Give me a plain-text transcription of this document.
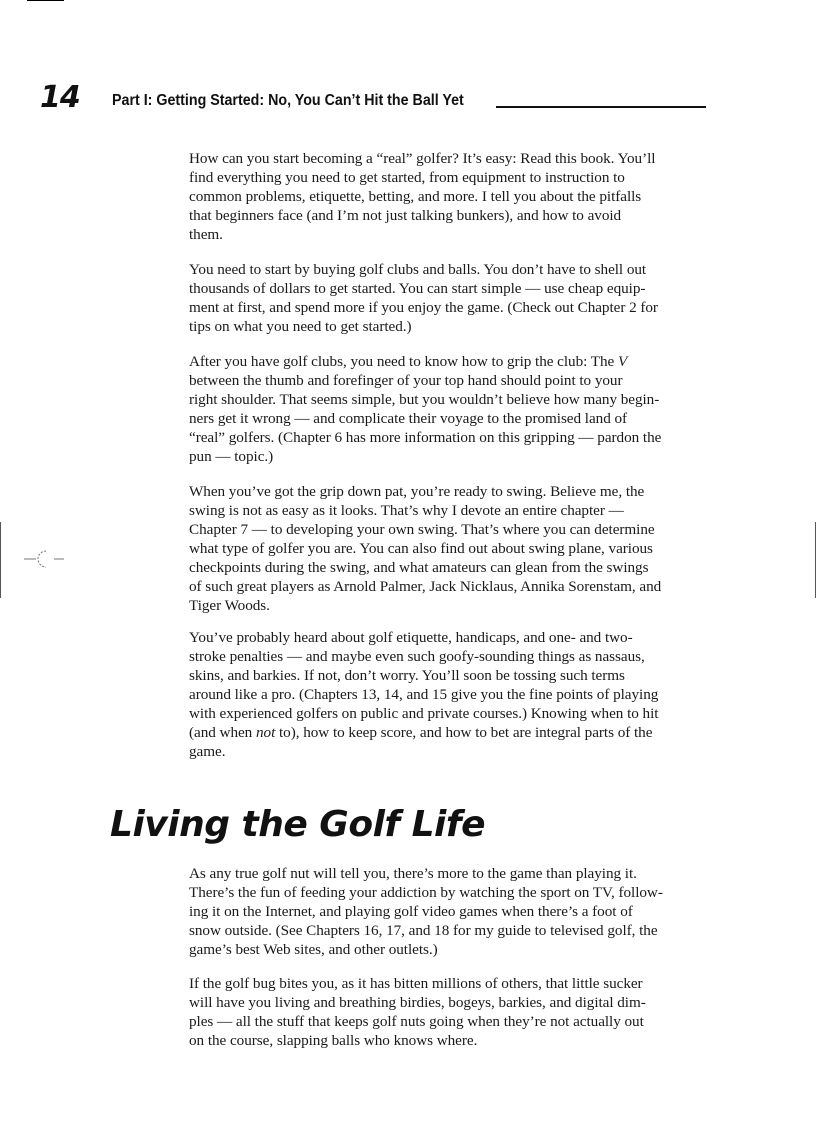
14 Part I: Getting Started: No, You Can’t Hit the Ball Yet
How can you start becoming a “real” golfer? It’s easy: Read this book. You’ll
find everything you need to get started, from equipment to instruction to
common problems, etiquette, betting, and more. I tell you about the pitfalls
that beginners face (and I’m not just talking bunkers), and how to avoid
them.
You need to start by buying golf clubs and balls. You don’t have to shell out
thousands of dollars to get started. You can start simple — use cheap equip-
ment at first, and spend more if you enjoy the game. (Check out Chapter 2 for
tips on what you need to get started.)
After you have golf clubs, you need to know how to grip the club: The V
between the thumb and forefinger of your top hand should point to your
right shoulder. That seems simple, but you wouldn’t believe how many begin-
ners get it wrong — and complicate their voyage to the promised land of
“real” golfers. (Chapter 6 has more information on this gripping — pardon the
pun — topic.)
When you’ve got the grip down pat, you’re ready to swing. Believe me, the
swing is not as easy as it looks. That’s why I devote an entire chapter —
Chapter 7 — to developing your own swing. That’s where you can determine
what type of golfer you are. You can also find out about swing plane, various
checkpoints during the swing, and what amateurs can glean from the swings
of such great players as Arnold Palmer, Jack Nicklaus, Annika Sorenstam, and
Tiger Woods.
You’ve probably heard about golf etiquette, handicaps, and one- and two-
stroke penalties — and maybe even such goofy-sounding things as nassaus,
skins, and barkies. If not, don’t worry. You’ll soon be tossing such terms
around like a pro. (Chapters 13, 14, and 15 give you the fine points of playing
with experienced golfers on public and private courses.) Knowing when to hit
(and when not to), how to keep score, and how to bet are integral parts of the
game.
Living the Golf Life
As any true golf nut will tell you, there’s more to the game than playing it.
There’s the fun of feeding your addiction by watching the sport on TV, follow-
ing it on the Internet, and playing golf video games when there’s a foot of
snow outside. (See Chapters 16, 17, and 18 for my guide to televised golf, the
game’s best Web sites, and other outlets.)
If the golf bug bites you, as it has bitten millions of others, that little sucker
will have you living and breathing birdies, bogeys, barkies, and digital dim-
ples — all the stuff that keeps golf nuts going when they’re not actually out
on the course, slapping balls who knows where.
